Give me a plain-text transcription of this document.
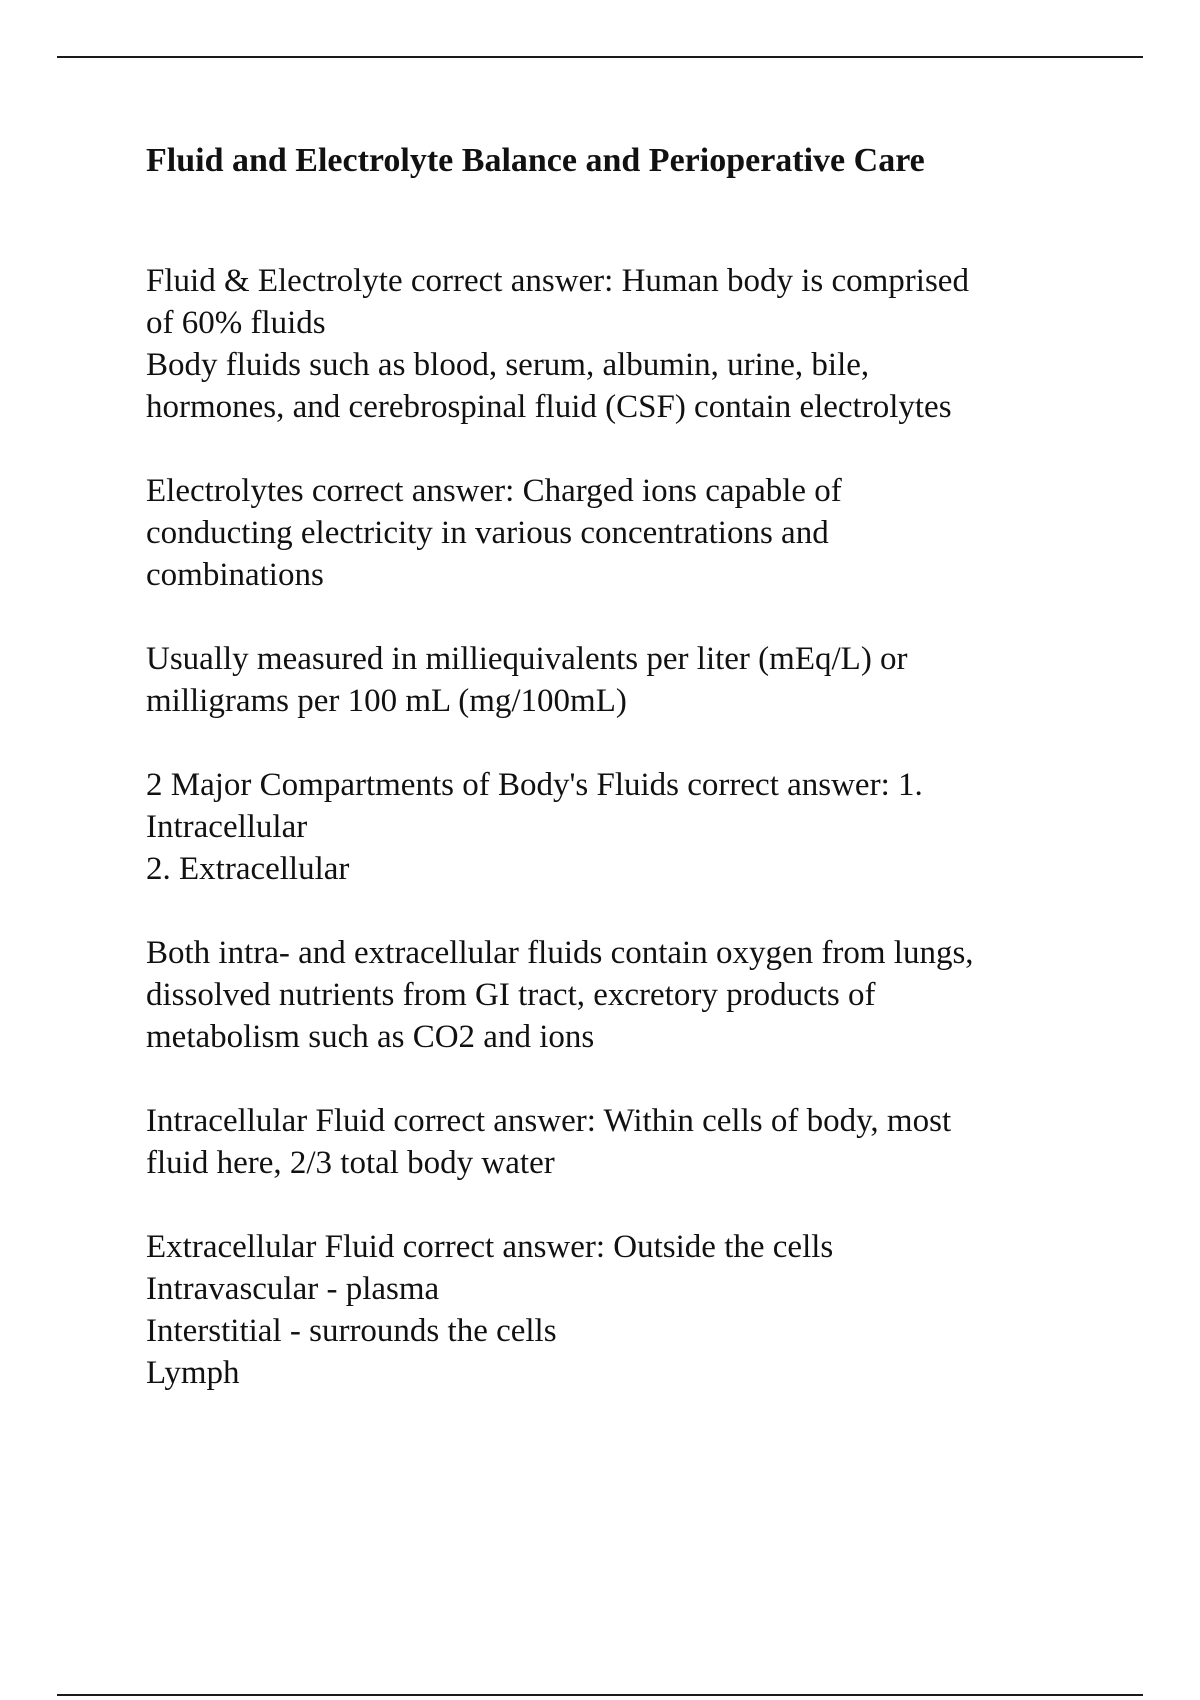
Fluid and Electrolyte Balance and Perioperative Care
Fluid & Electrolyte correct answer: Human body is comprised
of 60% fluids
Body fluids such as blood, serum, albumin, urine, bile,
hormones, and cerebrospinal fluid (CSF) contain electrolytes
Electrolytes correct answer: Charged ions capable of
conducting electricity in various concentrations and
combinations
Usually measured in milliequivalents per liter (mEq/L) or
milligrams per 100 mL (mg/100mL)
2 Major Compartments of Body's Fluids correct answer: 1.
Intracellular
2. Extracellular
Both intra- and extracellular fluids contain oxygen from lungs,
dissolved nutrients from GI tract, excretory products of
metabolism such as CO2 and ions
Intracellular Fluid correct answer: Within cells of body, most
fluid here, 2/3 total body water
Extracellular Fluid correct answer: Outside the cells
Intravascular - plasma
Interstitial - surrounds the cells
Lymph
